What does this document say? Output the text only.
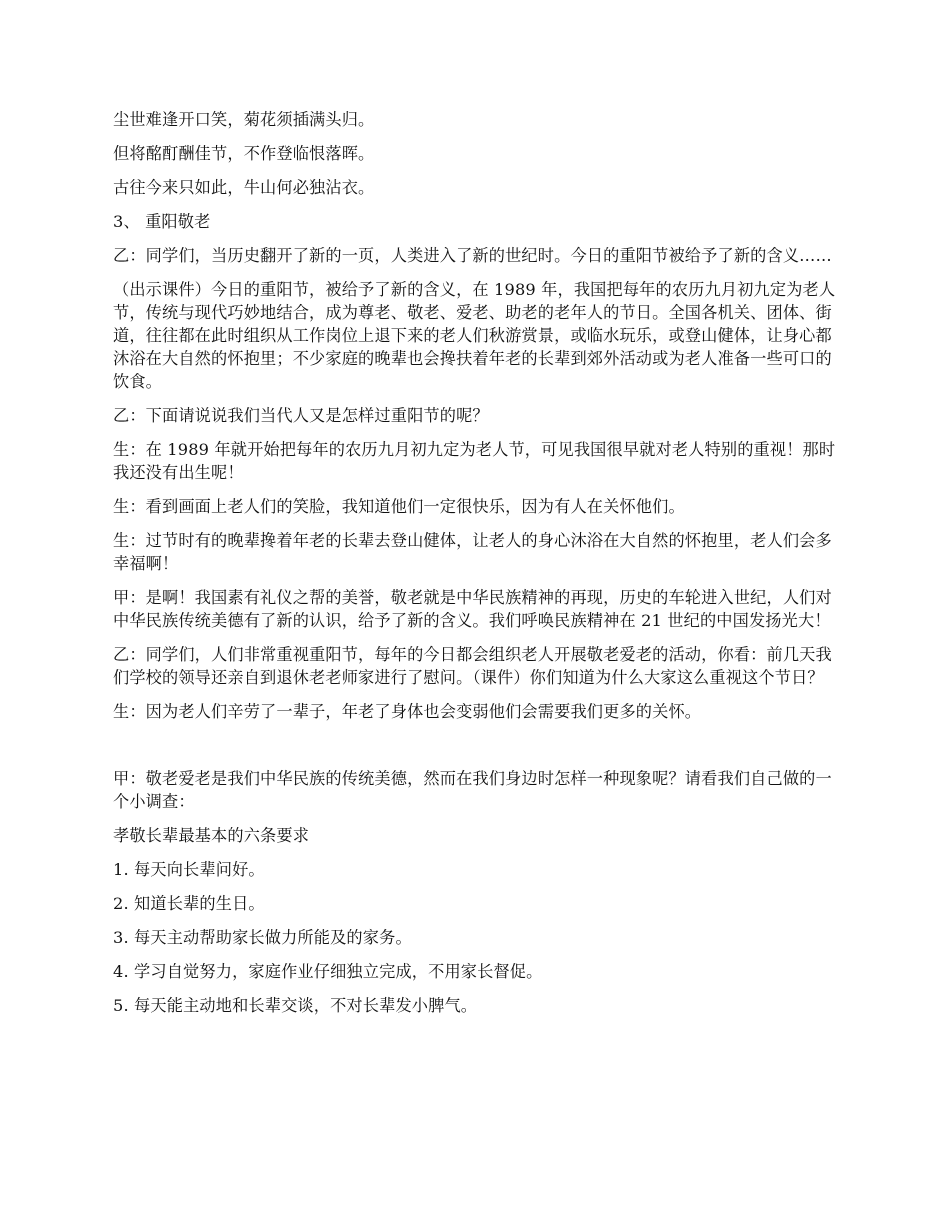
尘世难逢开口笑，菊花须插满头归。

但将酩酊酬佳节，不作登临恨落晖。

古往今来只如此，牛山何必独沾衣。

3、 重阳敬老

乙：同学们，当历史翻开了新的一页，人类进入了新的世纪时。今日的重阳节被给予了新的含义……

（出示课件）今日的重阳节，被给予了新的含义，在 1989 年，我国把每年的农历九月初九定为老人节，传统与现代巧妙地结合，成为尊老、敬老、爱老、助老的老年人的节日。全国各机关、团体、街道，往往都在此时组织从工作岗位上退下来的老人们秋游赏景，或临水玩乐，或登山健体，让身心都沐浴在大自然的怀抱里；不少家庭的晚辈也会搀扶着年老的长辈到郊外活动或为老人准备一些可口的饮食。

乙：下面请说说我们当代人又是怎样过重阳节的呢？

生：在 1989 年就开始把每年的农历九月初九定为老人节，可见我国很早就对老人特别的重视！那时我还没有出生呢！

生：看到画面上老人们的笑脸，我知道他们一定很快乐，因为有人在关怀他们。

生：过节时有的晚辈搀着年老的长辈去登山健体，让老人的身心沐浴在大自然的怀抱里，老人们会多幸福啊！

甲：是啊！我国素有礼仪之帮的美誉，敬老就是中华民族精神的再现，历史的车轮进入世纪，人们对中华民族传统美德有了新的认识，给予了新的含义。我们呼唤民族精神在 21 世纪的中国发扬光大！

乙：同学们，人们非常重视重阳节，每年的今日都会组织老人开展敬老爱老的活动，你看：前几天我们学校的领导还亲自到退休老老师家进行了慰问。（课件）你们知道为什么大家这么重视这个节日？

生：因为老人们辛劳了一辈子，年老了身体也会变弱他们会需要我们更多的关怀。

甲：敬老爱老是我们中华民族的传统美德，然而在我们身边时怎样一种现象呢？请看我们自己做的一个小调查：

孝敬长辈最基本的六条要求

1. 每天向长辈问好。

2. 知道长辈的生日。

3. 每天主动帮助家长做力所能及的家务。

4. 学习自觉努力，家庭作业仔细独立完成，不用家长督促。

5. 每天能主动地和长辈交谈，不对长辈发小脾气。
